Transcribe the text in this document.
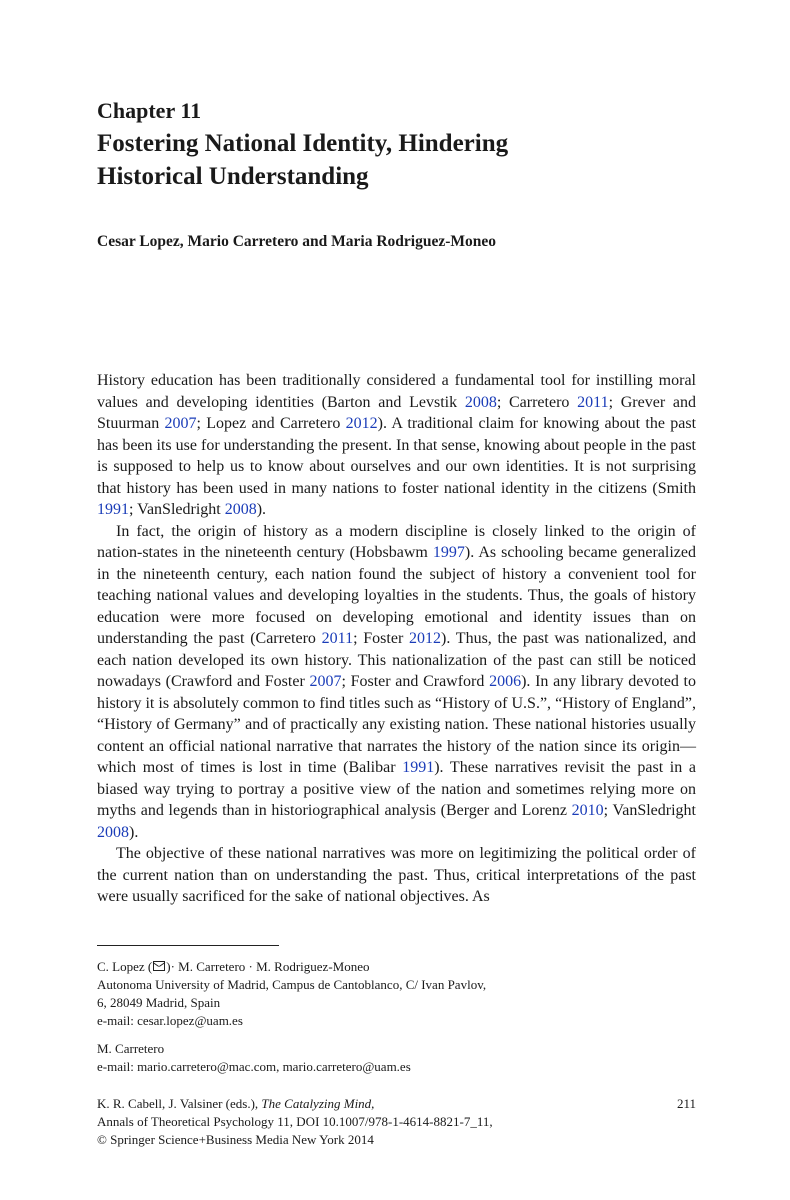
Chapter 11
Fostering National Identity, Hindering
Historical Understanding
Cesar Lopez, Mario Carretero and Maria Rodriguez-Moneo

History education has been traditionally considered a fundamental tool for instilling moral values and developing identities (Barton and Levstik 2008; Carretero 2011; Grever and Stuurman 2007; Lopez and Carretero 2012). A traditional claim for knowing about the past has been its use for understanding the present. In that sense, knowing about people in the past is supposed to help us to know about ourselves and our own identities. It is not surprising that history has been used in many nations to foster national identity in the citizens (Smith 1991; VanSledright 2008).

In fact, the origin of history as a modern discipline is closely linked to the origin of nation-states in the nineteenth century (Hobsbawm 1997). As schooling became generalized in the nineteenth century, each nation found the subject of history a convenient tool for teaching national values and developing loyalties in the students. Thus, the goals of history education were more focused on developing emotional and identity issues than on understanding the past (Carretero 2011; Foster 2012). Thus, the past was nationalized, and each nation developed its own history. This nationalization of the past can still be noticed nowadays (Crawford and Foster 2007; Foster and Crawford 2006). In any library devoted to history it is absolutely common to find titles such as “History of U.S.”, “History of England”, “History of Germany” and of practically any existing nation. These national histories usually content an official national narrative that narrates the history of the nation since its origin—which most of times is lost in time (Balibar 1991). These narratives revisit the past in a biased way trying to portray a positive view of the nation and sometimes relying more on myths and legends than in historiographical analysis (Berger and Lorenz 2010; VanSledright 2008).

The objective of these national narratives was more on legitimizing the political order of the current nation than on understanding the past. Thus, critical interpretations of the past were usually sacrificed for the sake of national objectives. As

C. Lopez ( )· M. Carretero · M. Rodriguez-Moneo
Autonoma University of Madrid, Campus de Cantoblanco, C/ Ivan Pavlov,
6, 28049 Madrid, Spain
e-mail: cesar.lopez@uam.es
M. Carretero
e-mail: mario.carretero@mac.com, mario.carretero@uam.es
K. R. Cabell, J. Valsiner (eds.), The Catalyzing Mind,
Annals of Theoretical Psychology 11, DOI 10.1007/978-1-4614-8821-7_11,
© Springer Science+Business Media New York 2014
211
